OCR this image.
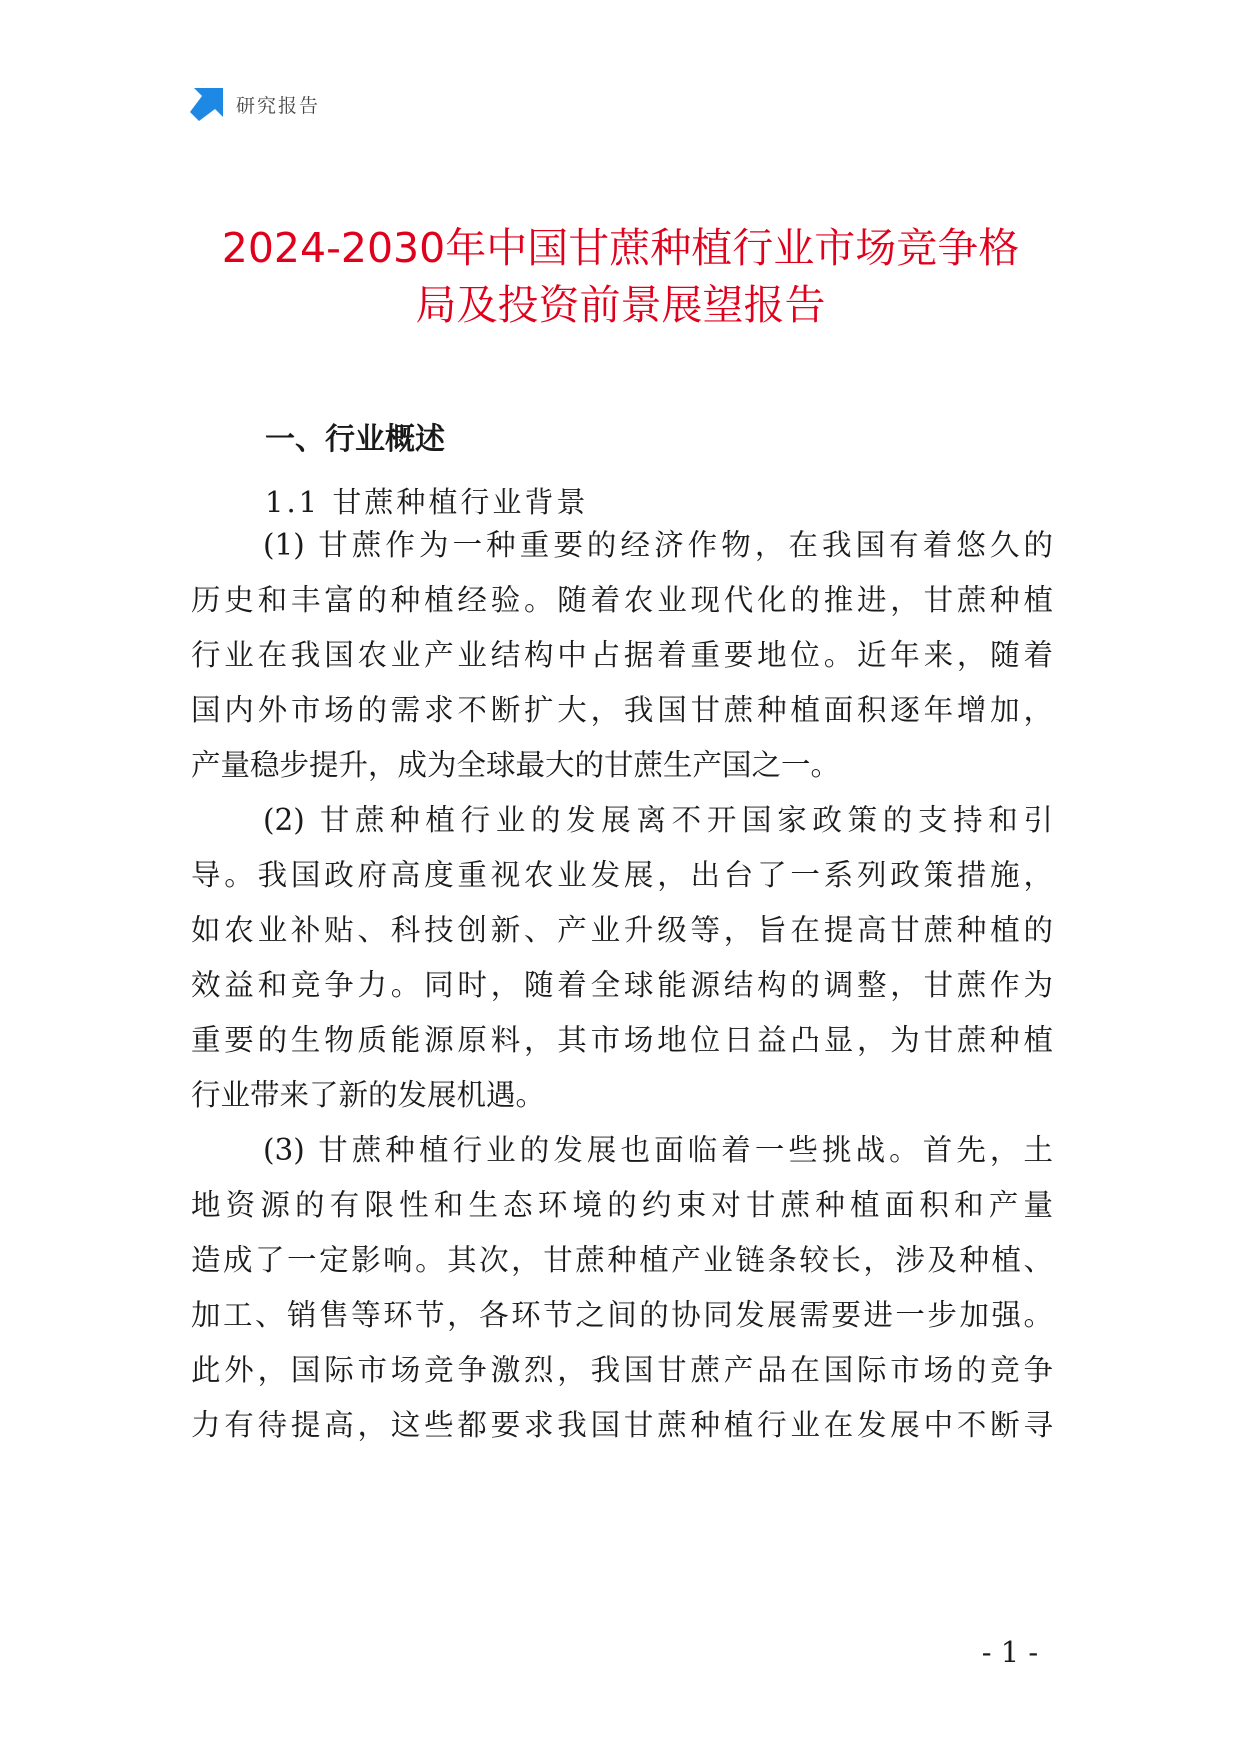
研究报告
2024-2030年中国甘蔗种植行业市场竞争格
局及投资前景展望报告
一、行业概述
1.1 甘蔗种植行业背景
(1) 甘蔗作为一种重要的经济作物，在我国有着悠久的
历史和丰富的种植经验。随着农业现代化的推进，甘蔗种植
行业在我国农业产业结构中占据着重要地位。近年来，随着
国内外市场的需求不断扩大，我国甘蔗种植面积逐年增加，
产量稳步提升，成为全球最大的甘蔗生产国之一。
(2) 甘蔗种植行业的发展离不开国家政策的支持和引
导。我国政府高度重视农业发展，出台了一系列政策措施，
如农业补贴、科技创新、产业升级等，旨在提高甘蔗种植的
效益和竞争力。同时，随着全球能源结构的调整，甘蔗作为
重要的生物质能源原料，其市场地位日益凸显，为甘蔗种植
行业带来了新的发展机遇。
(3) 甘蔗种植行业的发展也面临着一些挑战。首先，土
地资源的有限性和生态环境的约束对甘蔗种植面积和产量
造成了一定影响。其次，甘蔗种植产业链条较长，涉及种植、
加工、销售等环节，各环节之间的协同发展需要进一步加强。
此外，国际市场竞争激烈，我国甘蔗产品在国际市场的竞争
力有待提高，这些都要求我国甘蔗种植行业在发展中不断寻
- 1 -
